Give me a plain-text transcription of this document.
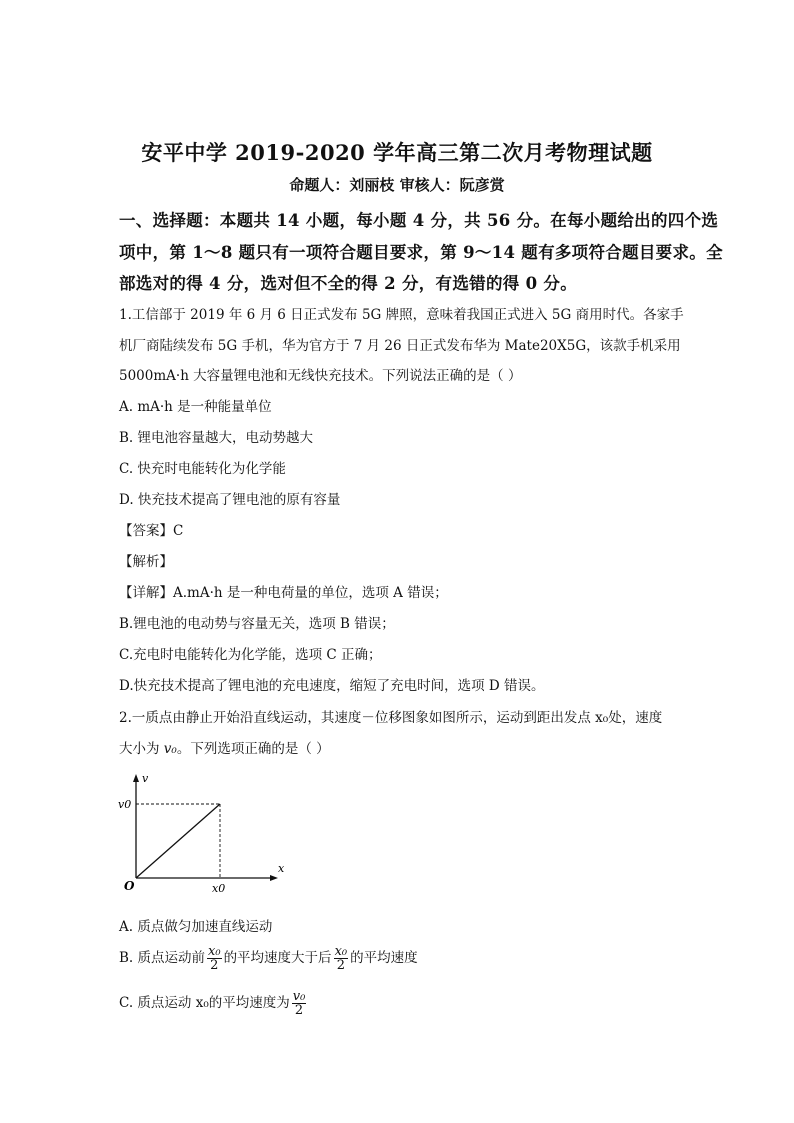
安平中学 2019-2020 学年高三第二次月考物理试题
命题人：刘丽枝 审核人：阮彦赏
一、选择题：本题共 14 小题，每小题 4 分，共 56 分。在每小题给出的四个选
项中，第 1～8 题只有一项符合题目要求，第 9～14 题有多项符合题目要求。全
部选对的得 4 分，选对但不全的得 2 分，有选错的得 0 分。
1.工信部于 2019 年 6 月 6 日正式发布 5G 牌照，意味着我国正式进入 5G 商用时代。各家手
机厂商陆续发布 5G 手机，华为官方于 7 月 26 日正式发布华为 Mate20X5G，该款手机采用
5000mA·h 大容量锂电池和无线快充技术。下列说法正确的是（ ）
A. mA·h 是一种能量单位
B. 锂电池容量越大，电动势越大
C. 快充时电能转化为化学能
D. 快充技术提高了锂电池的原有容量
【答案】C
【解析】
【详解】A.mA·h 是一种电荷量的单位，选项 A 错误；
B.锂电池的电动势与容量无关，选项 B 错误；
C.充电时电能转化为化学能，选项 C 正确；
D.快充技术提高了锂电池的充电速度，缩短了充电时间，选项 D 错误。
2.一质点由静止开始沿直线运动，其速度－位移图象如图所示，运动到距出发点 x₀处，速度
大小为 v₀。下列选项正确的是（ ）
v
x
O
v0
x0
A. 质点做匀加速直线运动
B. 质点运动前 $\frac{\text{x₀}}{2}$ 的平均速度大于后 $\frac{\text{x₀}}{2}$ 的平均速度
C. 质点运动 x₀的平均速度为 $\frac{\text{v₀}}{2}$
